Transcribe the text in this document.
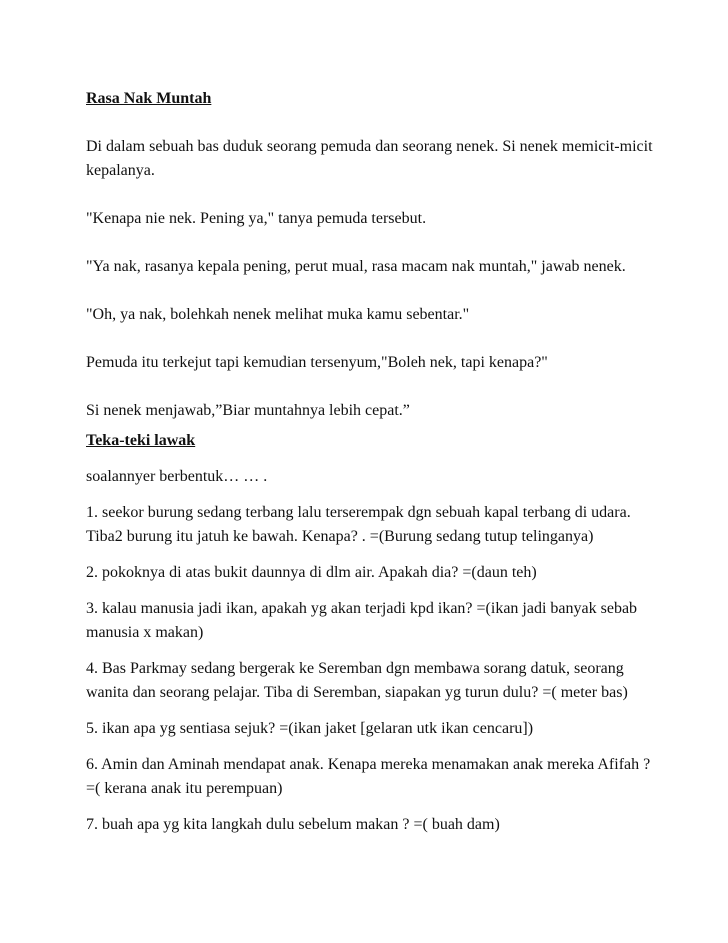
Rasa Nak Muntah

Di dalam sebuah bas duduk seorang pemuda dan seorang nenek. Si nenek memicit-micit kepalanya.

"Kenapa nie nek. Pening ya," tanya pemuda tersebut.

"Ya nak, rasanya kepala pening, perut mual, rasa macam nak muntah," jawab nenek.

"Oh, ya nak, bolehkah nenek melihat muka kamu sebentar."

Pemuda itu terkejut tapi kemudian tersenyum,"Boleh nek, tapi kenapa?"

Si nenek menjawab,”Biar muntahnya lebih cepat.”

Teka-teki lawak

soalannyer berbentuk… … .

1. seekor burung sedang terbang lalu terserempak dgn sebuah kapal terbang di udara. Tiba2 burung itu jatuh ke bawah. Kenapa? . =(Burung sedang tutup telinganya)

2. pokoknya di atas bukit daunnya di dlm air. Apakah dia? =(daun teh)

3. kalau manusia jadi ikan, apakah yg akan terjadi kpd ikan? =(ikan jadi banyak sebab manusia x makan)

4. Bas Parkmay sedang bergerak ke Seremban dgn membawa sorang datuk, seorang wanita dan seorang pelajar. Tiba di Seremban, siapakan yg turun dulu? =( meter bas)

5. ikan apa yg sentiasa sejuk? =(ikan jaket [gelaran utk ikan cencaru])

6. Amin dan Aminah mendapat anak. Kenapa mereka menamakan anak mereka Afifah ? =( kerana anak itu perempuan)

7. buah apa yg kita langkah dulu sebelum makan ? =( buah dam)
